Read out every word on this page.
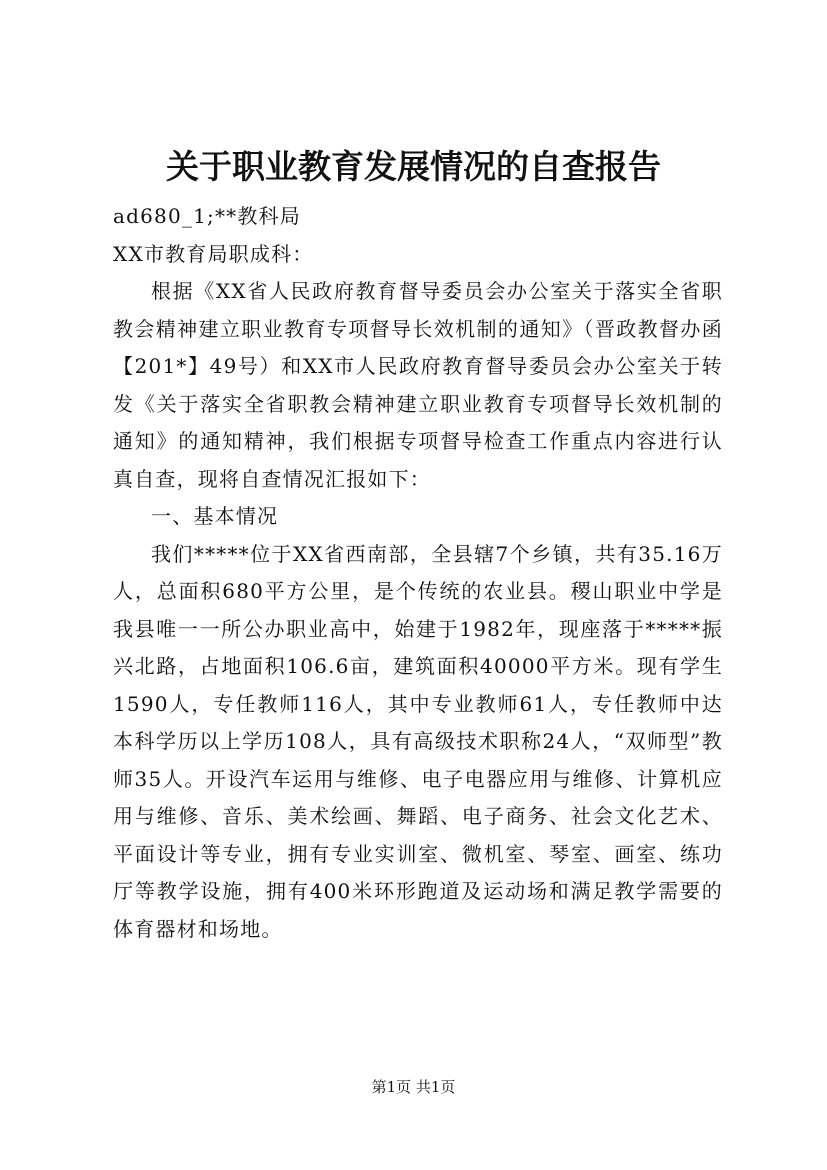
关于职业教育发展情况的自查报告

ad680_1;**教科局

XX市教育局职成科：

根据《XX省人民政府教育督导委员会办公室关于落实全省职教会精神建立职业教育专项督导长效机制的通知》（晋政教督办函【201*】49号）和XX市人民政府教育督导委员会办公室关于转发《关于落实全省职教会精神建立职业教育专项督导长效机制的通知》的通知精神，我们根据专项督导检查工作重点内容进行认真自查，现将自查情况汇报如下：

一、基本情况

我们*****位于XX省西南部，全县辖7个乡镇，共有35.16万人，总面积680平方公里，是个传统的农业县。稷山职业中学是我县唯一一所公办职业高中，始建于1982年，现座落于*****振兴北路，占地面积106.6亩，建筑面积40000平方米。现有学生1590人，专任教师116人，其中专业教师61人，专任教师中达本科学历以上学历108人，具有高级技术职称24人，“双师型”教师35人。开设汽车运用与维修、电子电器应用与维修、计算机应用与维修、音乐、美术绘画、舞蹈、电子商务、社会文化艺术、平面设计等专业，拥有专业实训室、微机室、琴室、画室、练功厅等教学设施，拥有400米环形跑道及运动场和满足教学需要的体育器材和场地。

第1页 共1页
